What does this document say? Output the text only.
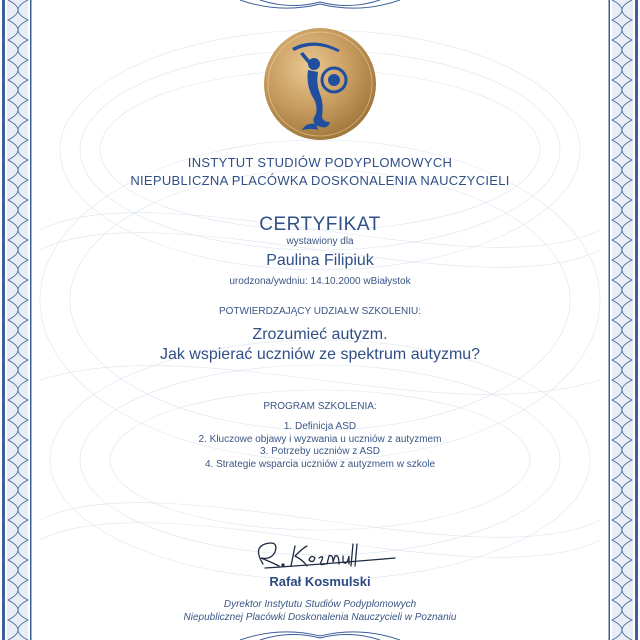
INSTYTUT STUDIÓW PODYPLOMOWYCH
NIEPUBLICZNA PLACÓWKA DOSKONALENIA NAUCZYCIELI
CERTYFIKAT
wystawiony dla
Paulina Filipiuk
urodzona/ywdniu: 14.10.2000 wBiałystok
POTWIERDZAJĄCY UDZIAŁW SZKOLENIU:
Zrozumieć autyzm.
Jak wspierać uczniów ze spektrum autyzmu?
PROGRAM SZKOLENIA:
1. Definicja ASD
2. Kluczowe objawy i wyzwania u uczniów z autyzmem
3. Potrzeby uczniów z ASD
4. Strategie wsparcia uczniów z autyzmem w szkole
Rafał Kosmulski
Dyrektor Instytutu Studiów Podyplomowych
Niepublicznej Placówki Doskonalenia Nauczycieli w Poznaniu
